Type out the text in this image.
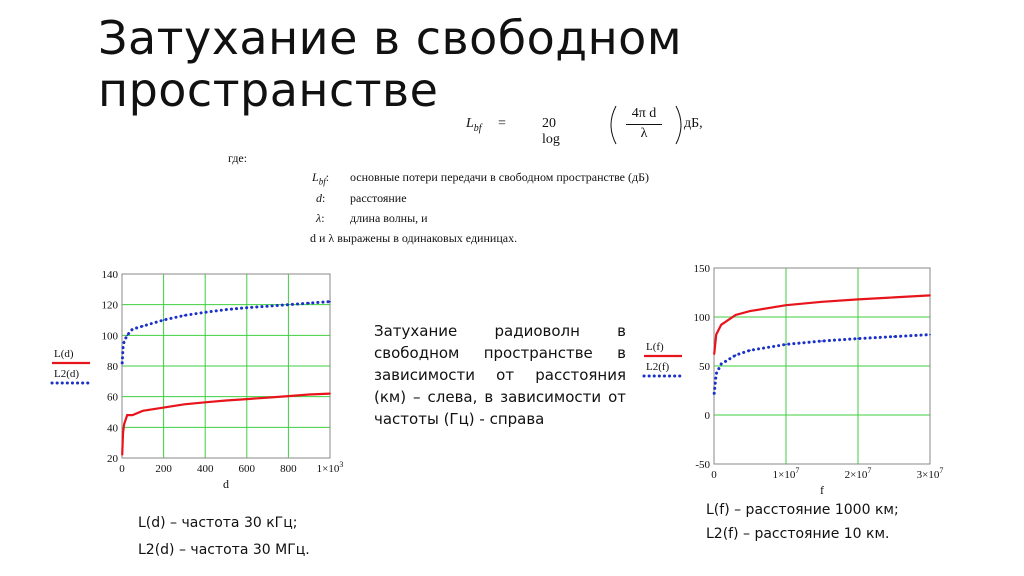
Затухание в свободном пространстве
$L_{bf}$ =	20 log
4π d
λ
дБ,
где:
$L_{bf}$: основные потери передачи в свободном пространстве (дБ)
d: расстояние
λ: длина волны, и
d и λ выражены в одинаковых единицах.
20
40
60
80
100
120
140
0	200 400 600 800 $1\times 10^3$
d
L(d)
L2(d)
-50
0
50
100
150
0	$1\times 10^7$	$2\times 10^7$	$3\times 10^7$
f
L(f)
L2(f)
Затухание радиоволн в свободном пространстве в зависимости от расстояния (км) – слева, в зависимости от частоты (Гц) - справа
L(d) – частота 30 кГц;
L2(d) – частота 30 МГц.
L(f) – расстояние 1000 км;
L2(f) – расстояние 10 км.
